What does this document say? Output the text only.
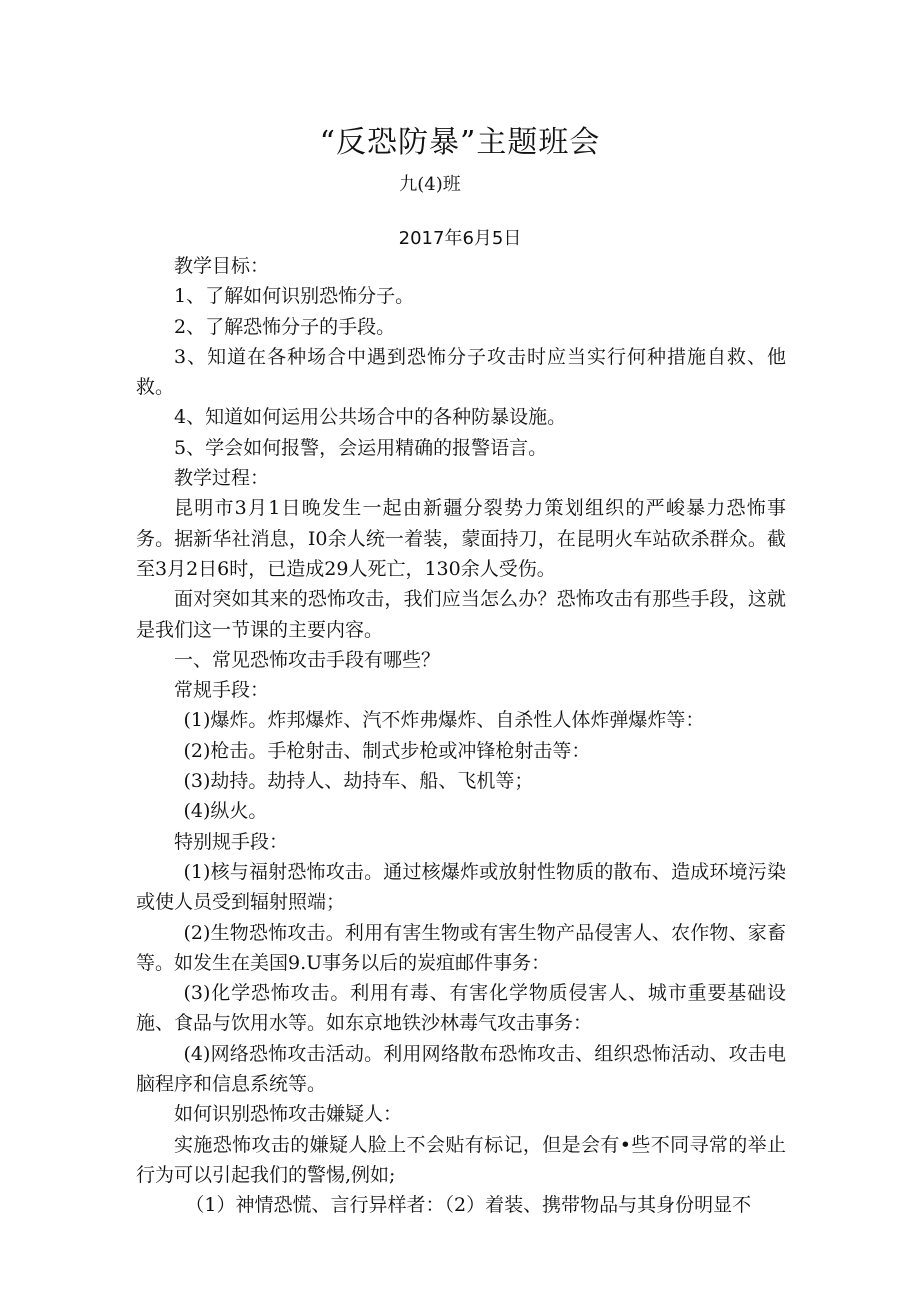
“反恐防暴”主题班会
九(4)班
2017年6月5日

教学目标：

1、了解如何识别恐怖分子。

2、了解恐怖分子的手段。

3、知道在各种场合中遇到恐怖分子攻击时应当实行何种措施自救、他救。

4、知道如何运用公共场合中的各种防暴设施。

5、学会如何报警，会运用精确的报警语言。

教学过程：

昆明市3月1日晚发生一起由新疆分裂势力策划组织的严峻暴力恐怖事务。据新华社消息，I0余人统一着装，蒙面持刀，在昆明火车站砍杀群众。截至3月2日6时，已造成29人死亡，130余人受伤。

面对突如其来的恐怖攻击，我们应当怎么办？恐怖攻击有那些手段，这就是我们这一节课的主要内容。

一、常见恐怖攻击手段有哪些？

常规手段：

(1)爆炸。炸邦爆炸、汽不炸弗爆炸、自杀性人体炸弹爆炸等：

(2)枪击。手枪射击、制式步枪或冲锋枪射击等：

(3)劫持。劫持人、劫持车、船、飞机等；

(4)纵火。

特别规手段：

(1)核与福射恐怖攻击。通过核爆炸或放射性物质的散布、造成环境污染或使人员受到辐射照端；

(2)生物恐怖攻击。利用有害生物或有害生物产品侵害人、农作物、家畜等。如发生在美国9.U事务以后的炭疽邮件事务：

(3)化学恐怖攻击。利用有毒、有害化学物质侵害人、城市重要基础设施、食品与饮用水等。如东京地铁沙林毒气攻击事务：

(4)网络恐怖攻击活动。利用网络散布恐怖攻击、组织恐怖活动、攻击电脑程序和信息系统等。

如何识别恐怖攻击嫌疑人：

实施恐怖攻击的嫌疑人脸上不会贴有标记，但是会有•些不同寻常的举止行为可以引起我们的警惕,例如;

（1）神情恐慌、言行异样者：（2）着装、携带物品与其身份明显不
